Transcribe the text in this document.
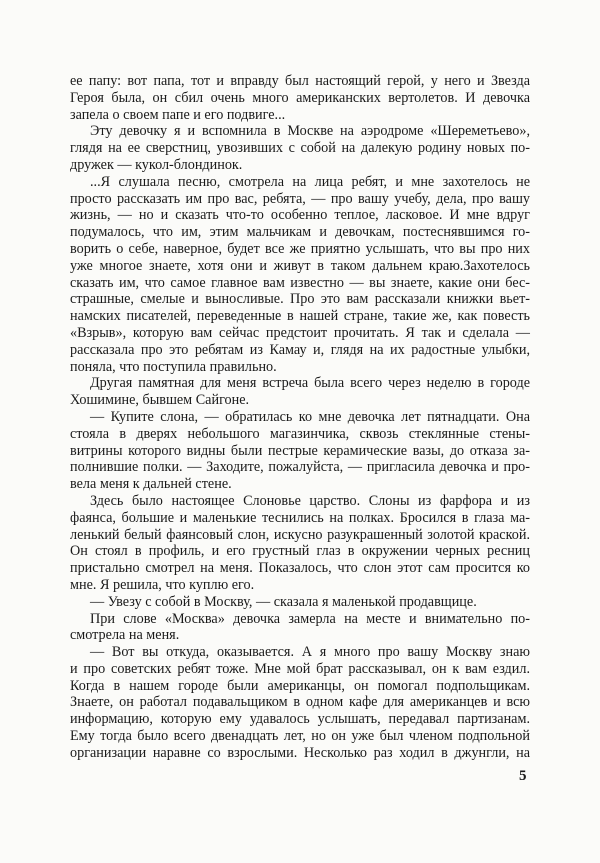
ее папу: вот папа, тот и вправду был настоящий герой, у него и Звезда
Героя была, он сбил очень много американских вертолетов. И девочка
запела о своем папе и его подвиге...
Эту девочку я и вспомнила в Москве на аэродроме «Шереметьево»,
глядя на ее сверстниц, увозивших с собой на далекую родину новых по-
дружек — кукол-блондинок.
...Я слушала песню, смотрела на лица ребят, и мне захотелось не
просто рассказать им про вас, ребята, — про вашу учебу, дела, про вашу
жизнь, — но и сказать что-то особенно теплое, ласковое. И мне вдруг
подумалось, что им, этим мальчикам и девочкам, постеснявшимся го-
ворить о себе, наверное, будет все же приятно услышать, что вы про них
уже многое знаете, хотя они и живут в таком дальнем краю.Захотелось
сказать им, что самое главное вам известно — вы знаете, какие они бес-
страшные, смелые и выносливые. Про это вам рассказали книжки вьет-
намских писателей, переведенные в нашей стране, такие же, как повесть
«Взрыв», которую вам сейчас предстоит прочитать. Я так и сделала —
рассказала про это ребятам из Камау и, глядя на их радостные улыбки,
поняла, что поступила правильно.
Другая памятная для меня встреча была всего через неделю в городе
Хошимине, бывшем Сайгоне.
— Купите слона, — обратилась ко мне девочка лет пятнадцати. Она
стояла в дверях небольшого магазинчика, сквозь стеклянные стены-
витрины которого видны были пестрые керамические вазы, до отказа за-
полнившие полки. — Заходите, пожалуйста, — пригласила девочка и про-
вела меня к дальней стене.
Здесь было настоящее Слоновье царство. Слоны из фарфора и из
фаянса, большие и маленькие теснились на полках. Бросился в глаза ма-
ленький белый фаянсовый слон, искусно разукрашенный золотой краской.
Он стоял в профиль, и его грустный глаз в окружении черных ресниц
пристально смотрел на меня. Показалось, что слон этот сам просится ко
мне. Я решила, что куплю его.
— Увезу с собой в Москву, — сказала я маленькой продавщице.
При слове «Москва» девочка замерла на месте и внимательно по-
смотрела на меня.
— Вот вы откуда, оказывается. А я много про вашу Москву знаю
и про советских ребят тоже. Мне мой брат рассказывал, он к вам ездил.
Когда в нашем городе были американцы, он помогал подпольщикам.
Знаете, он работал подавальщиком в одном кафе для американцев и всю
информацию, которую ему удавалось услышать, передавал партизанам.
Ему тогда было всего двенадцать лет, но он уже был членом подпольной
организации наравне со взрослыми. Несколько раз ходил в джунгли, на
5
